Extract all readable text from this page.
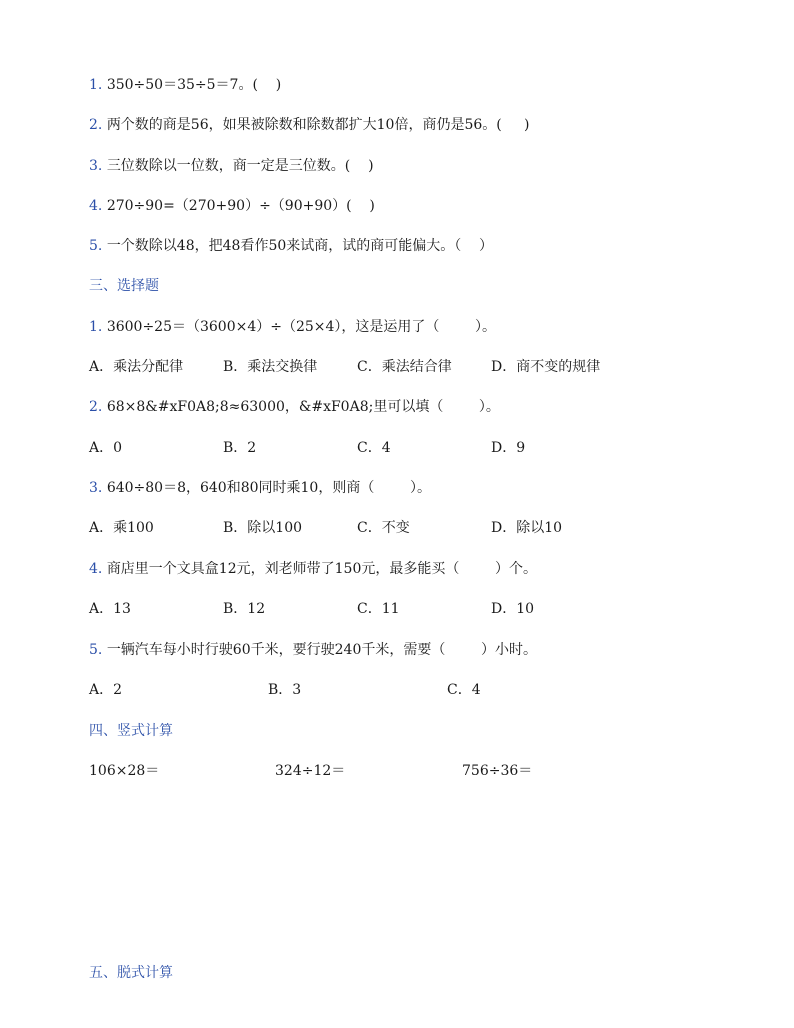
1. 350÷50＝35÷5＝7。(    )
2. 两个数的商是56，如果被除数和除数都扩大10倍，商仍是56。(     )
3. 三位数除以一位数，商一定是三位数。(    )
4. 270÷90=（270+90）÷（90+90）(    )
5. 一个数除以48，把48看作50来试商，试的商可能偏大。（    ）
三、选择题
1. 3600÷25＝（3600×4）÷（25×4），这是运用了（        ）。
A．乘法分配律	B．乘法交换律	C．乘法结合律	D．商不变的规律
2. 68×8&#xF0A8;8≈63000，&#xF0A8;里可以填（        ）。
A．0	B．2	C．4	D．9
3. 640÷80＝8，640和80同时乘10，则商（        ）。
A．乘100	B．除以100	C．不变	D．除以10
4. 商店里一个文具盒12元，刘老师带了150元，最多能买（        ）个。
A．13	B．12	C．11	D．10
5. 一辆汽车每小时行驶60千米，要行驶240千米，需要（        ）小时。
A．2	B．3	C．4
四、竖式计算
106×28＝	324÷12＝	756÷36＝
五、脱式计算
